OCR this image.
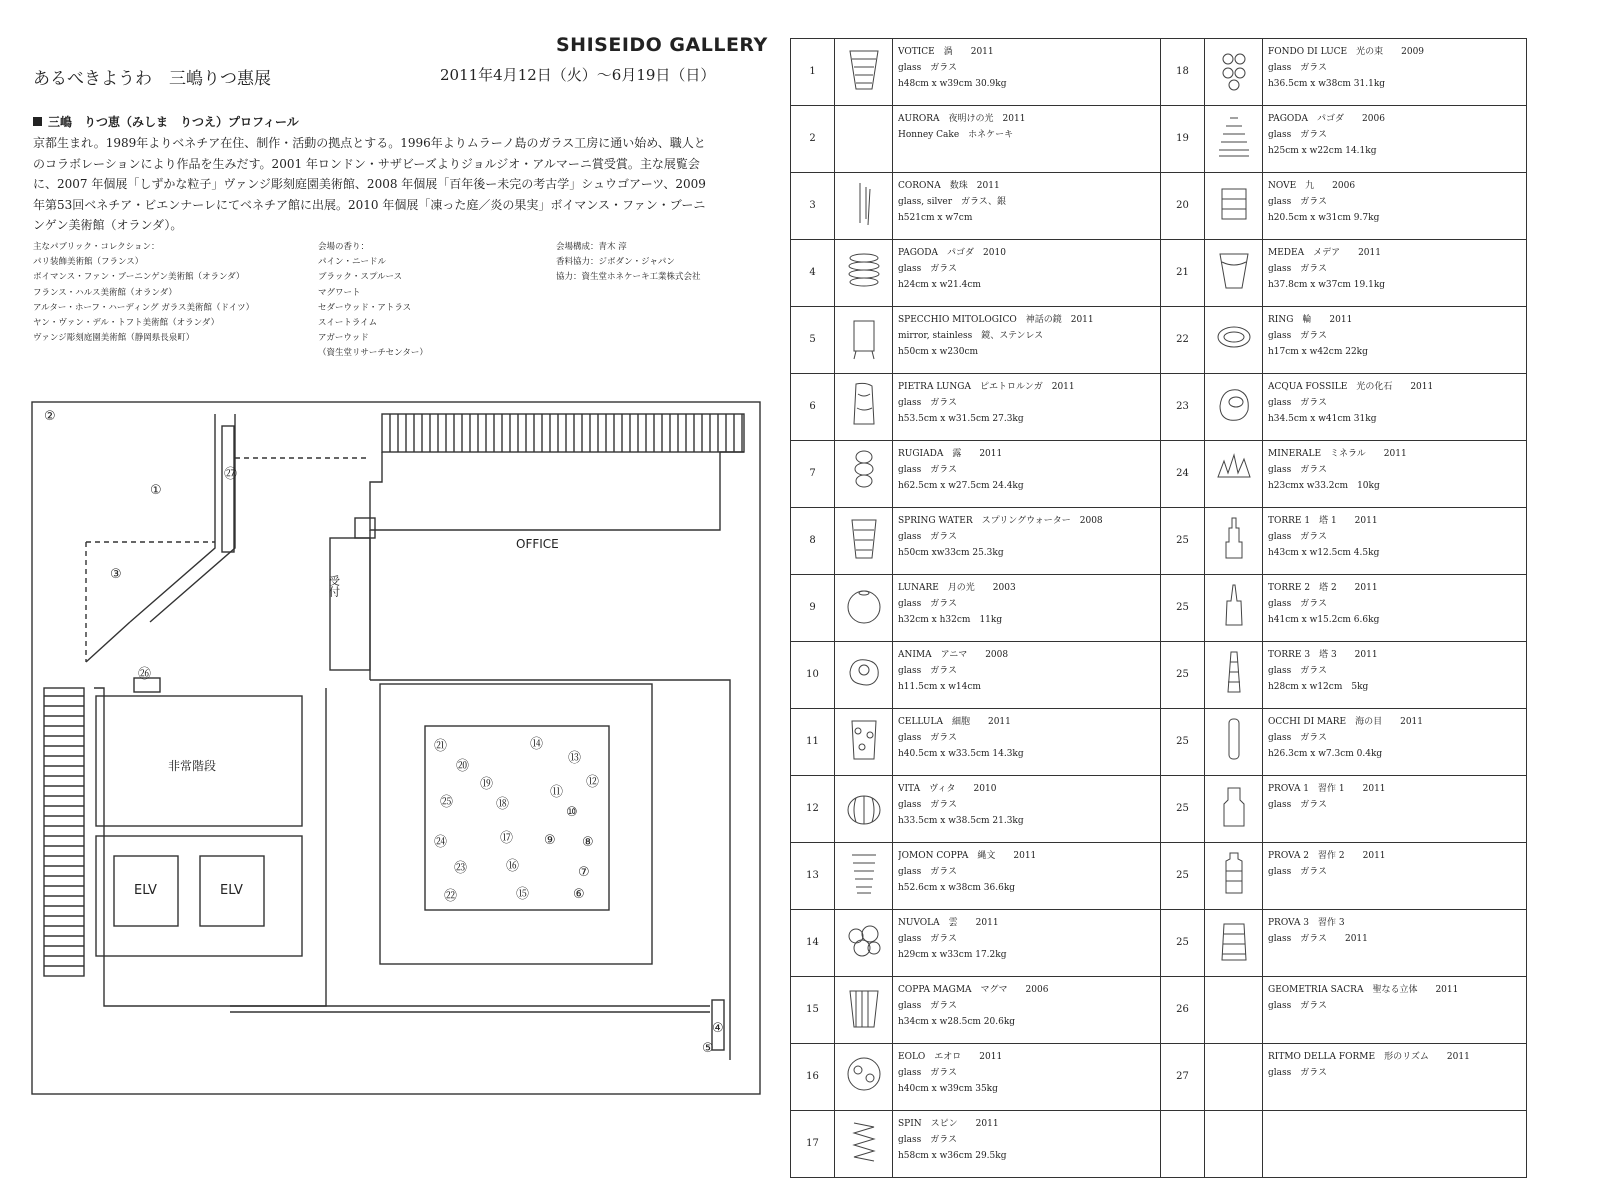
SHISEIDO GALLERY
あるべきようわ　三嶋りつ惠展	2011年4月12日（火）〜6月19日（日）
三嶋　りつ恵（みしま　りつえ）プロフィール
京都生まれ。1989年よりベネチア在住、制作・活動の拠点とする。1996年よりムラーノ島のガラス工房に通い始め、職人とのコラボレーションにより作品を生みだす。2001 年ロンドン・サザビーズよりジョルジオ・アルマーニ賞受賞。主な展覧会に、2007 年個展「しずかな粒子」ヴァンジ彫刻庭園美術館、2008 年個展「百年後ー未完の考古学」シュウゴアーツ、2009 年第53回ベネチア・ビエンナーレにてベネチア館に出展。2010 年個展「凍った庭／炎の果実」ボイマンス・ファン・ブーニンゲン美術館（オランダ）。
主なパブリック・コレクション：
パリ装飾美術館（フランス）
ボイマンス・ファン・ブーニンゲン美術館（オランダ）
フランス・ハルス美術館（オランダ）
アルター・ホーフ・ハーディング ガラス美術館（ドイツ）
ヤン・ヴァン・デル・トフト美術館（オランダ）
ヴァンジ彫刻庭園美術館（静岡県長泉町）
会場の香り：
パイン・ニードル
ブラック・スプルース
マグワート
セダーウッド・アトラス
スイートライム
アガーウッド
（資生堂リサーチセンター）
会場構成：青木 淳
香料協力：ジボダン・ジャパン
協力：資生堂ホネケーキ工業株式会社
OFFICE
受付
非常階段
ELV	ELV
①
②
③
④
⑤
⑥
⑦
⑧
⑨
⑩
⑪
⑫
⑬
⑭
⑮
⑯
⑰
⑱
⑲
⑳
㉑
㉒
㉓
㉔
㉕
㉖
㉗
1		VOTICE　渦　　2011
glass　ガラス
h48cm x w39cm 30.9kg	18		FONDO DI LUCE　光の束　　2009
glass　ガラス
h36.5cm x w38cm 31.1kg

2		AURORA　夜明けの光　2011
Honney Cake　ホネケーキ	19		PAGODA　パゴダ　　2006
glass　ガラス
h25cm x w22cm 14.1kg

3		CORONA　数珠　2011
glass, silver　ガラス、銀
h521cm x w7cm	20		NOVE　九　　2006
glass　ガラス
h20.5cm x w31cm 9.7kg

4		PAGODA　パゴダ　2010
glass　ガラス
h24cm x w21.4cm	21		MEDEA　メデア　　2011
glass　ガラス
h37.8cm x w37cm 19.1kg

5		SPECCHIO MITOLOGICO　神話の鏡　2011
mirror, stainless　鏡、ステンレス
h50cm x w230cm	22		RING　輪　　2011
glass　ガラス
h17cm x w42cm 22kg

6		PIETRA LUNGA　ピエトロルンガ　2011
glass　ガラス
h53.5cm x w31.5cm 27.3kg	23		ACQUA FOSSILE　光の化石　　2011
glass　ガラス
h34.5cm x w41cm 31kg

7		RUGIADA　露　　2011
glass　ガラス
h62.5cm x w27.5cm 24.4kg	24		MINERALE　ミネラル　　2011
glass　ガラス
h23cmx w33.2cm　10kg

8		SPRING WATER　スプリングウォーター　2008
glass　ガラス
h50cm xw33cm 25.3kg	25		TORRE 1　塔 1　　2011
glass　ガラス
h43cm x w12.5cm 4.5kg

9		LUNARE　月の光　　2003
glass　ガラス
h32cm x h32cm　11kg	25		TORRE 2　塔 2　　2011
glass　ガラス
h41cm x w15.2cm 6.6kg

10		ANIMA　アニマ　　2008
glass　ガラス
h11.5cm x w14cm	25		TORRE 3　塔 3　　2011
glass　ガラス
h28cm x w12cm　5kg

11		CELLULA　細胞　　2011
glass　ガラス
h40.5cm x w33.5cm 14.3kg	25		OCCHI DI MARE　海の目　　2011
glass　ガラス
h26.3cm x w7.3cm 0.4kg

12		VITA　ヴィタ　　2010
glass　ガラス
h33.5cm x w38.5cm 21.3kg	25		PROVA 1　習作 1　　2011
glass　ガラス

13		JOMON COPPA　縄文　　2011
glass　ガラス
h52.6cm x w38cm 36.6kg	25		PROVA 2　習作 2　　2011
glass　ガラス

14		NUVOLA　雲　　2011
glass　ガラス
h29cm x w33cm 17.2kg	25		PROVA 3　習作 3
glass　ガラス　　2011

15		COPPA MAGMA　マグマ　　2006
glass　ガラス
h34cm x w28.5cm 20.6kg	26		GEOMETRIA SACRA　聖なる立体　　2011
glass　ガラス

16		EOLO　エオロ　　2011
glass　ガラス
h40cm x w39cm 35kg	27		RITMO DELLA FORME　形のリズム　　2011
glass　ガラス

17		SPIN　スピン　　2011
glass　ガラス
h58cm x w36cm 29.5kg			
